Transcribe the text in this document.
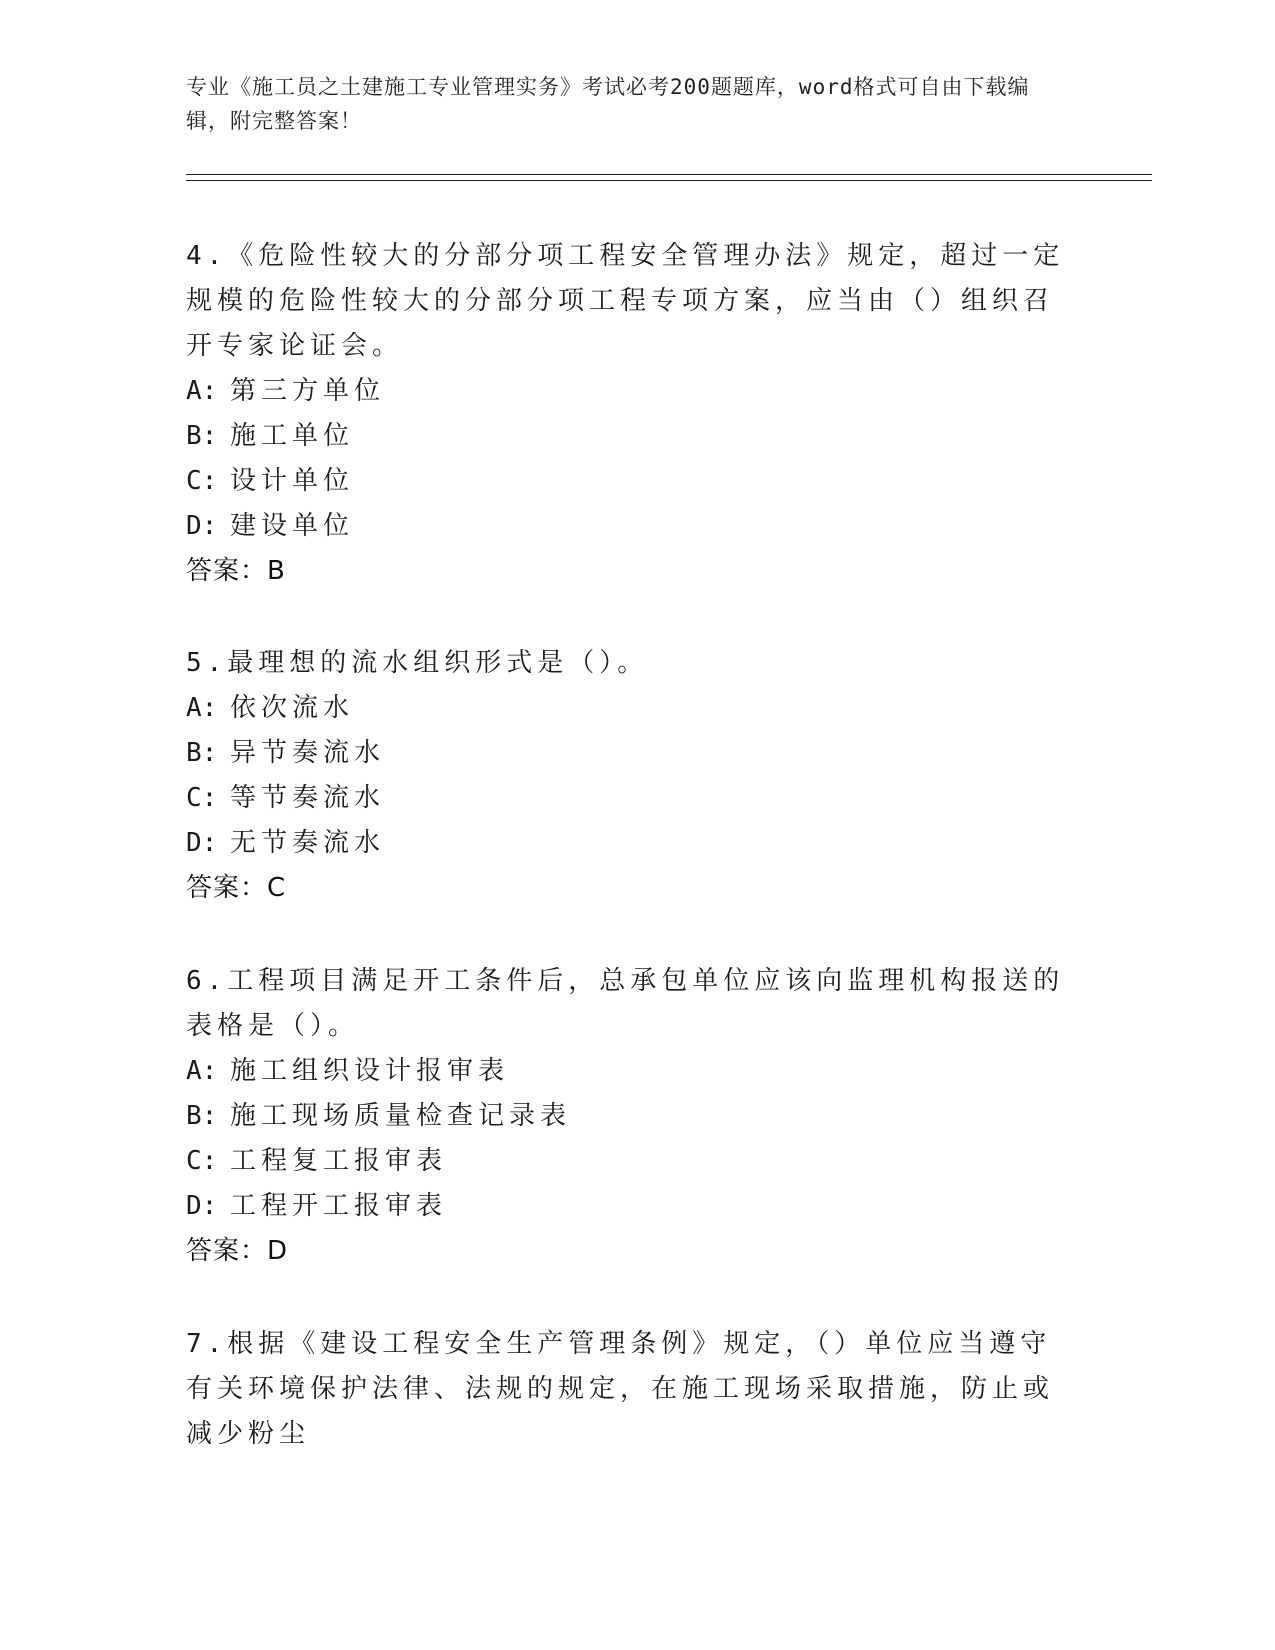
专业《施工员之土建施工专业管理实务》考试必考200题题库，word格式可自由下载编辑，附完整答案！
4.《危险性较大的分部分项工程安全管理办法》规定，超过一定规模的危险性较大的分部分项工程专项方案，应当由（）组织召开专家论证会。
A: 第三方单位
B: 施工单位
C: 设计单位
D: 建设单位
答案：B
5.最理想的流水组织形式是（）。
A: 依次流水
B: 异节奏流水
C: 等节奏流水
D: 无节奏流水
答案：C
6.工程项目满足开工条件后，总承包单位应该向监理机构报送的表格是（）。
A: 施工组织设计报审表
B: 施工现场质量检查记录表
C: 工程复工报审表
D: 工程开工报审表
答案：D
7.根据《建设工程安全生产管理条例》规定，（）单位应当遵守有关环境保护法律、法规的规定，在施工现场采取措施，防止或减少粉尘
